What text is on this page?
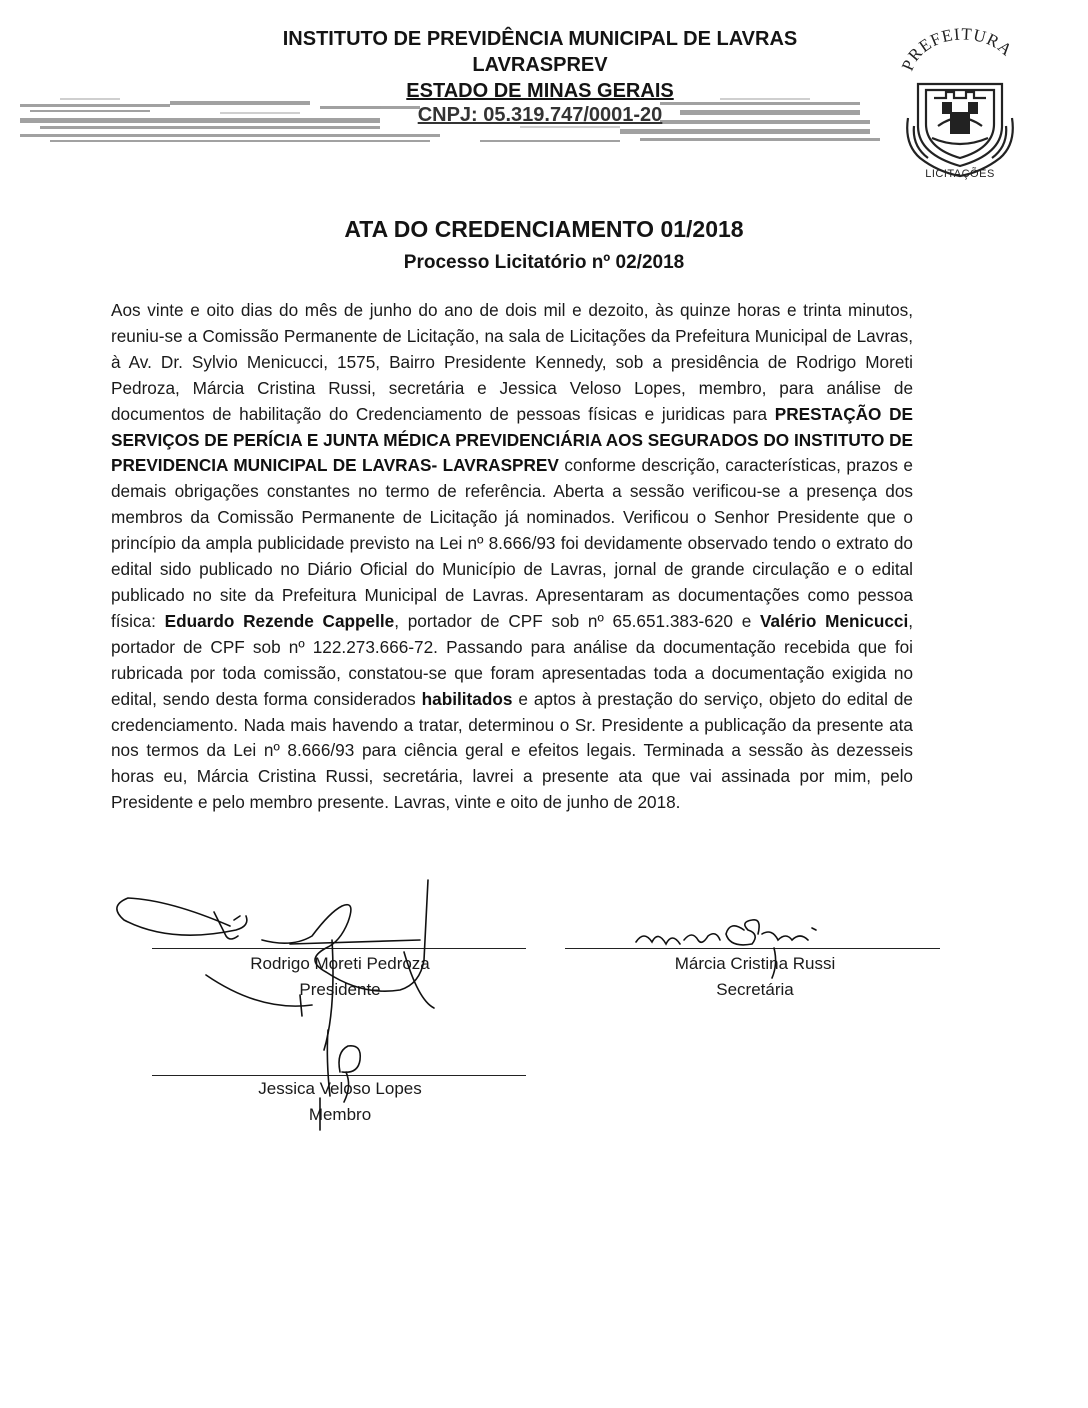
INSTITUTO DE PREVIDÊNCIA MUNICIPAL DE LAVRAS
LAVRASPREV
ESTADO DE MINAS GERAIS
CNPJ: 05.319.747/0001-20
PREFEITURA
LICITAÇÕES
ATA DO CREDENCIAMENTO 01/2018
Processo Licitatório nº 02/2018
Aos vinte e oito dias do mês de junho do ano de dois mil e dezoito, às quinze horas e trinta minutos, reuniu-se a Comissão Permanente de Licitação, na sala de Licitações da Prefeitura Municipal de Lavras, à Av. Dr. Sylvio Menicucci, 1575, Bairro Presidente Kennedy, sob a presidência de Rodrigo Moreti Pedroza, Márcia Cristina Russi, secretária e Jessica Veloso Lopes, membro, para análise de documentos de habilitação do Credenciamento de pessoas físicas e juridicas para PRESTAÇÃO DE SERVIÇOS DE PERÍCIA E JUNTA MÉDICA PREVIDENCIÁRIA AOS SEGURADOS DO INSTITUTO DE PREVIDENCIA MUNICIPAL DE LAVRAS- LAVRASPREV conforme descrição, características, prazos e demais obrigações constantes no termo de referência. Aberta a sessão verificou-se a presença dos membros da Comissão Permanente de Licitação já nominados. Verificou o Senhor Presidente que o princípio da ampla publicidade previsto na Lei nº 8.666/93 foi devidamente observado tendo o extrato do edital sido publicado no Diário Oficial do Município de Lavras, jornal de grande circulação e o edital publicado no site da Prefeitura Municipal de Lavras. Apresentaram as documentações como pessoa física: Eduardo Rezende Cappelle, portador de CPF sob nº 65.651.383-620 e Valério Menicucci, portador de CPF sob nº 122.273.666-72. Passando para análise da documentação recebida que foi rubricada por toda comissão, constatou-se que foram apresentadas toda a documentação exigida no edital, sendo desta forma considerados habilitados e aptos à prestação do serviço, objeto do edital de credenciamento. Nada mais havendo a tratar, determinou o Sr. Presidente a publicação da presente ata nos termos da Lei nº 8.666/93 para ciência geral e efeitos legais. Terminada a sessão às dezesseis horas eu, Márcia Cristina Russi, secretária, lavrei a presente ata que vai assinada por mim, pelo Presidente e pelo membro presente. Lavras, vinte e oito de junho de 2018.
Rodrigo Moreti Pedroza
Presidente
Márcia Cristina Russi
Secretária
Jessica Veloso Lopes
Membro
